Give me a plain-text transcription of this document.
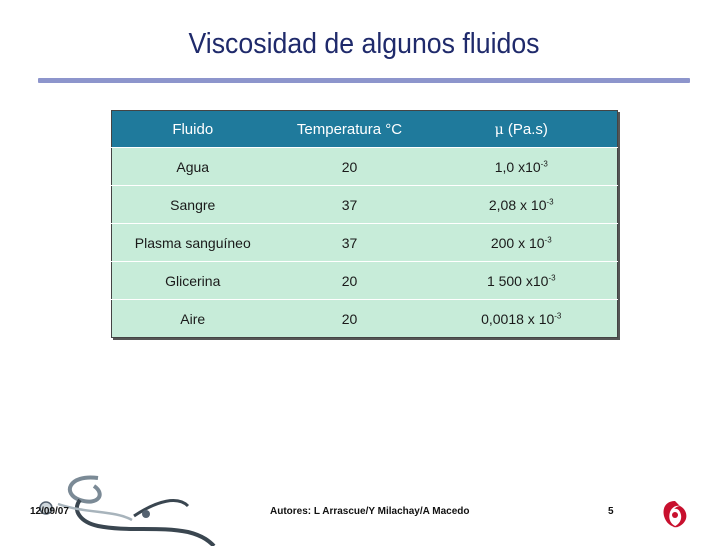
Viscosidad de algunos fluidos
Fluido	Temperatura °C	μ (Pa.s)
Agua	20	1,0 $x10^{-3}$
Sangre	37	2,08 x $10^{-3}$
Plasma sanguíneo	37	200 x $10^{-3}$
Glicerina	20	1 500 $x10^{-3}$
Aire	20	0,0018 x $10^{-3}$
12/09/07	Autores: L Arrascue/Y Milachay/A Macedo	5
